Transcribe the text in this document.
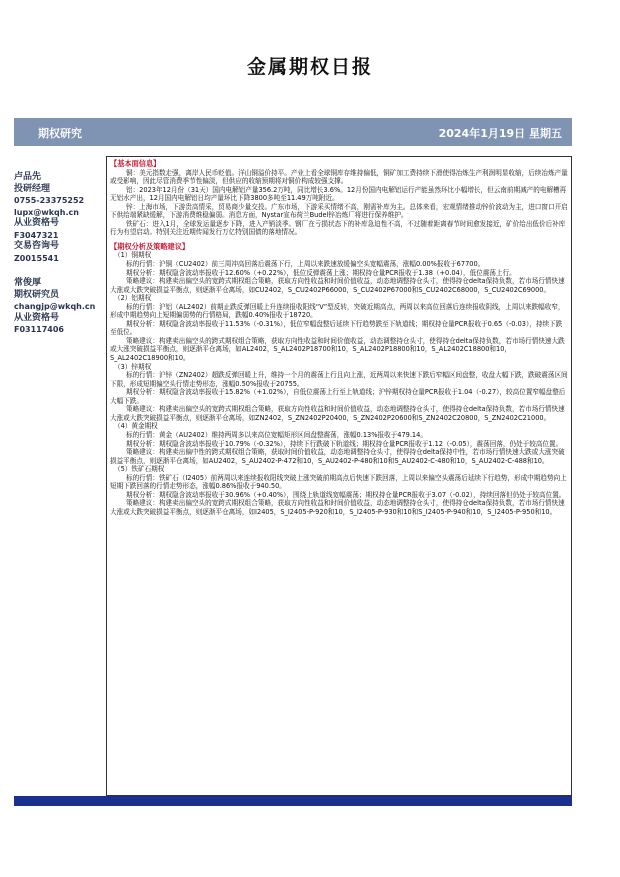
金属期权日报
期权研究	2024年1月19日 星期五
卢品先
投研经理
0755-23375252
lupx@wkqh.cn
从业资格号
F3047321
交易咨询号
Z0015541
常俊厚
期权研究员
changjp@wkqh.cn
从业资格号
F03117406
【基本面信息】

铜：美元指数走强，离岸人民币贬值。洋山铜溢价持平。产业上看全球铜库存维持偏低，铜矿加工费持续下滑使得冶炼生产利润明显收缩，后续冶炼产量或受影响，因此尽管消费季节性偏淡，但供应的收缩预期将对铜价构成较强支撑。

铝：2023年12月份（31天）国内电解铝产量356.2万吨，同比增长3.6%。12月份国内电解铝运行产能虽然环比小幅增长，但云南前期减产的电解槽再无铝水产出，12月国内电解铝日均产量环比下降3800多吨至11.49万吨附近。

锌：上海市场，下游贵高情采，贸易商少量交投。广东市场，下游采买情绪不高，刚需补库为主。总体来看，宏观情绪推动锌价波动为主，进口窗口开启下供给端紧缺缓解，下游消费维稳偏弱。消息方面，Nystar宣布荷兰Budel锌冶炼厂将进行保养维护。

铁矿石：进入1月，全球发运量逐步下降，进入产销淡季。钢厂在亏损状态下的补库急迫性不高，不过随着距离春节时间愈发接近，矿价给出低价后补库行为有望启动。特别关注近期传闻发行万亿特别国债的落地情况。

【期权分析及策略建议】

（1）铜期权

标的行情：沪铜（CU2402）前三周冲高回落后震荡下行，上周以来跌速放缓偏空头宽幅震荡，涨幅0.00%报收于67700。

期权分析：期权隐含波动率报收于12.60%（+0.22%），低位反弹震荡上涨；期权持仓量PCR报收于1.38（+0.04），低位震荡上行。

策略建议：构建卖出偏空头的宽跨式期权组合策略，获取方向性收益和时间价值收益，动态地调整持仓头寸，使得持仓delta保持负数，若市场行情快速大涨或大跌突破损益平衡点，则逐渐平仓离场，如CU2402，S_CU2402P66000，S_CU2402P67000和S_CU2402C68000，S_CU2402C69000。

（2）铝期权

标的行情：沪铝（AL2402）前期止跌反弹回暖上升连续报收阳线“V”型反转，突破近期高点，两周以来高位回落后连续报收阴线，上周以来跌幅收窄，形成中期趋势向上短期偏弱势的行情格局，跌幅0.40%报收于18720。

期权分析：期权隐含波动率报收于11.53%（-0.31%），低位窄幅盘整后延续下行趋势跌至下轨道线；期权持仓量PCR报收于0.65（-0.03），持续下跌至低位。

策略建议：构建卖出偏空头的跨式期权组合策略，获取方向性收益和时间价值收益，动态调整持仓头寸，使得持仓delta保持负数，若市场行情快速大跌或大涨突破损益平衡点，则逐渐平仓离场，如AL2402，S_AL2402P18700和10，S_AL2402P18800和10，S_AL2402C18800和10，S_AL2402C18900和10。

（3）锌期权

标的行情：沪锌（ZN2402）超跌反弹回暖上升，维持一个月的震荡上行且向上涨，近两周以来快速下跌后窄幅区间盘整，收盘大幅下跌，跌破震荡区间下限，形成短期偏空头行情走势形态，涨幅0.50%报收于20755。

期权分析：期权隐含波动率报收于15.82%（+1.02%），自低位震荡上行至上轨道线；沪锌期权持仓量PCR报收于1.04（-0.27），较高位置窄幅盘整后大幅下跌。

策略建议：构建卖出偏空头的宽跨式期权组合策略，获取方向性收益和时间价值收益，动态地调整持仓头寸，使得持仓delta保持负数，若市场行情快速大涨或大跌突破损益平衡点，则逐渐平仓离场，如ZN2402，S_ZN2402P20400，S_ZN2402P20600和S_ZN2402C20800，S_ZN2402C21000。

（4）黄金期权

标的行情：黄金（AU2402）维持两周多以来高位宽幅矩形区间盘整震荡，涨幅0.13%报收于479.14。

期权分析：期权隐含波动率报收于10.79%（-0.32%），持续下行跌破下轨道线；期权持仓量PCR报收于1.12（-0.05），震荡回落，仍处于较高位置。

策略建议：构建卖出偏中性的跨式期权组合策略，获取时间价值收益，动态地调整持仓头寸，使得持仓delta保持中性，若市场行情快速大跌或大涨突破损益平衡点，则逐渐平仓离场，如AU2402，S_AU2402-P-472和10，S_AU2402-P-480和10和S_AU2402-C-480和10，S_AU2402-C-488和10。

（5）铁矿石期权

标的行情：铁矿石（I2405）前两周以来连续报收阳线突破上涨突破前期高点后快速下跌回落，上周以来偏空头震荡后延续下行趋势，形成中期趋势向上短期下跌回落的行情走势形态，涨幅0.86%报收于940.50。

期权分析：期权隐含波动率报收于30.96%（+0.40%），围绕上轨道线宽幅震荡；期权持仓量PCR报收于3.07（-0.02），持续回落但仍处于较高位置。

策略建议：构建卖出偏空头的宽跨式期权组合策略，获取方向性收益和时间价值收益，动态地调整持仓头寸，使得持仓delta保持负数，若市场行情快速大涨或大跌突破损益平衡点，则逐渐平仓离场，如I2405，S_I2405-P-920和10，S_I2405-P-930和10和S_I2405-P-940和10，S_I2405-P-950和10。
